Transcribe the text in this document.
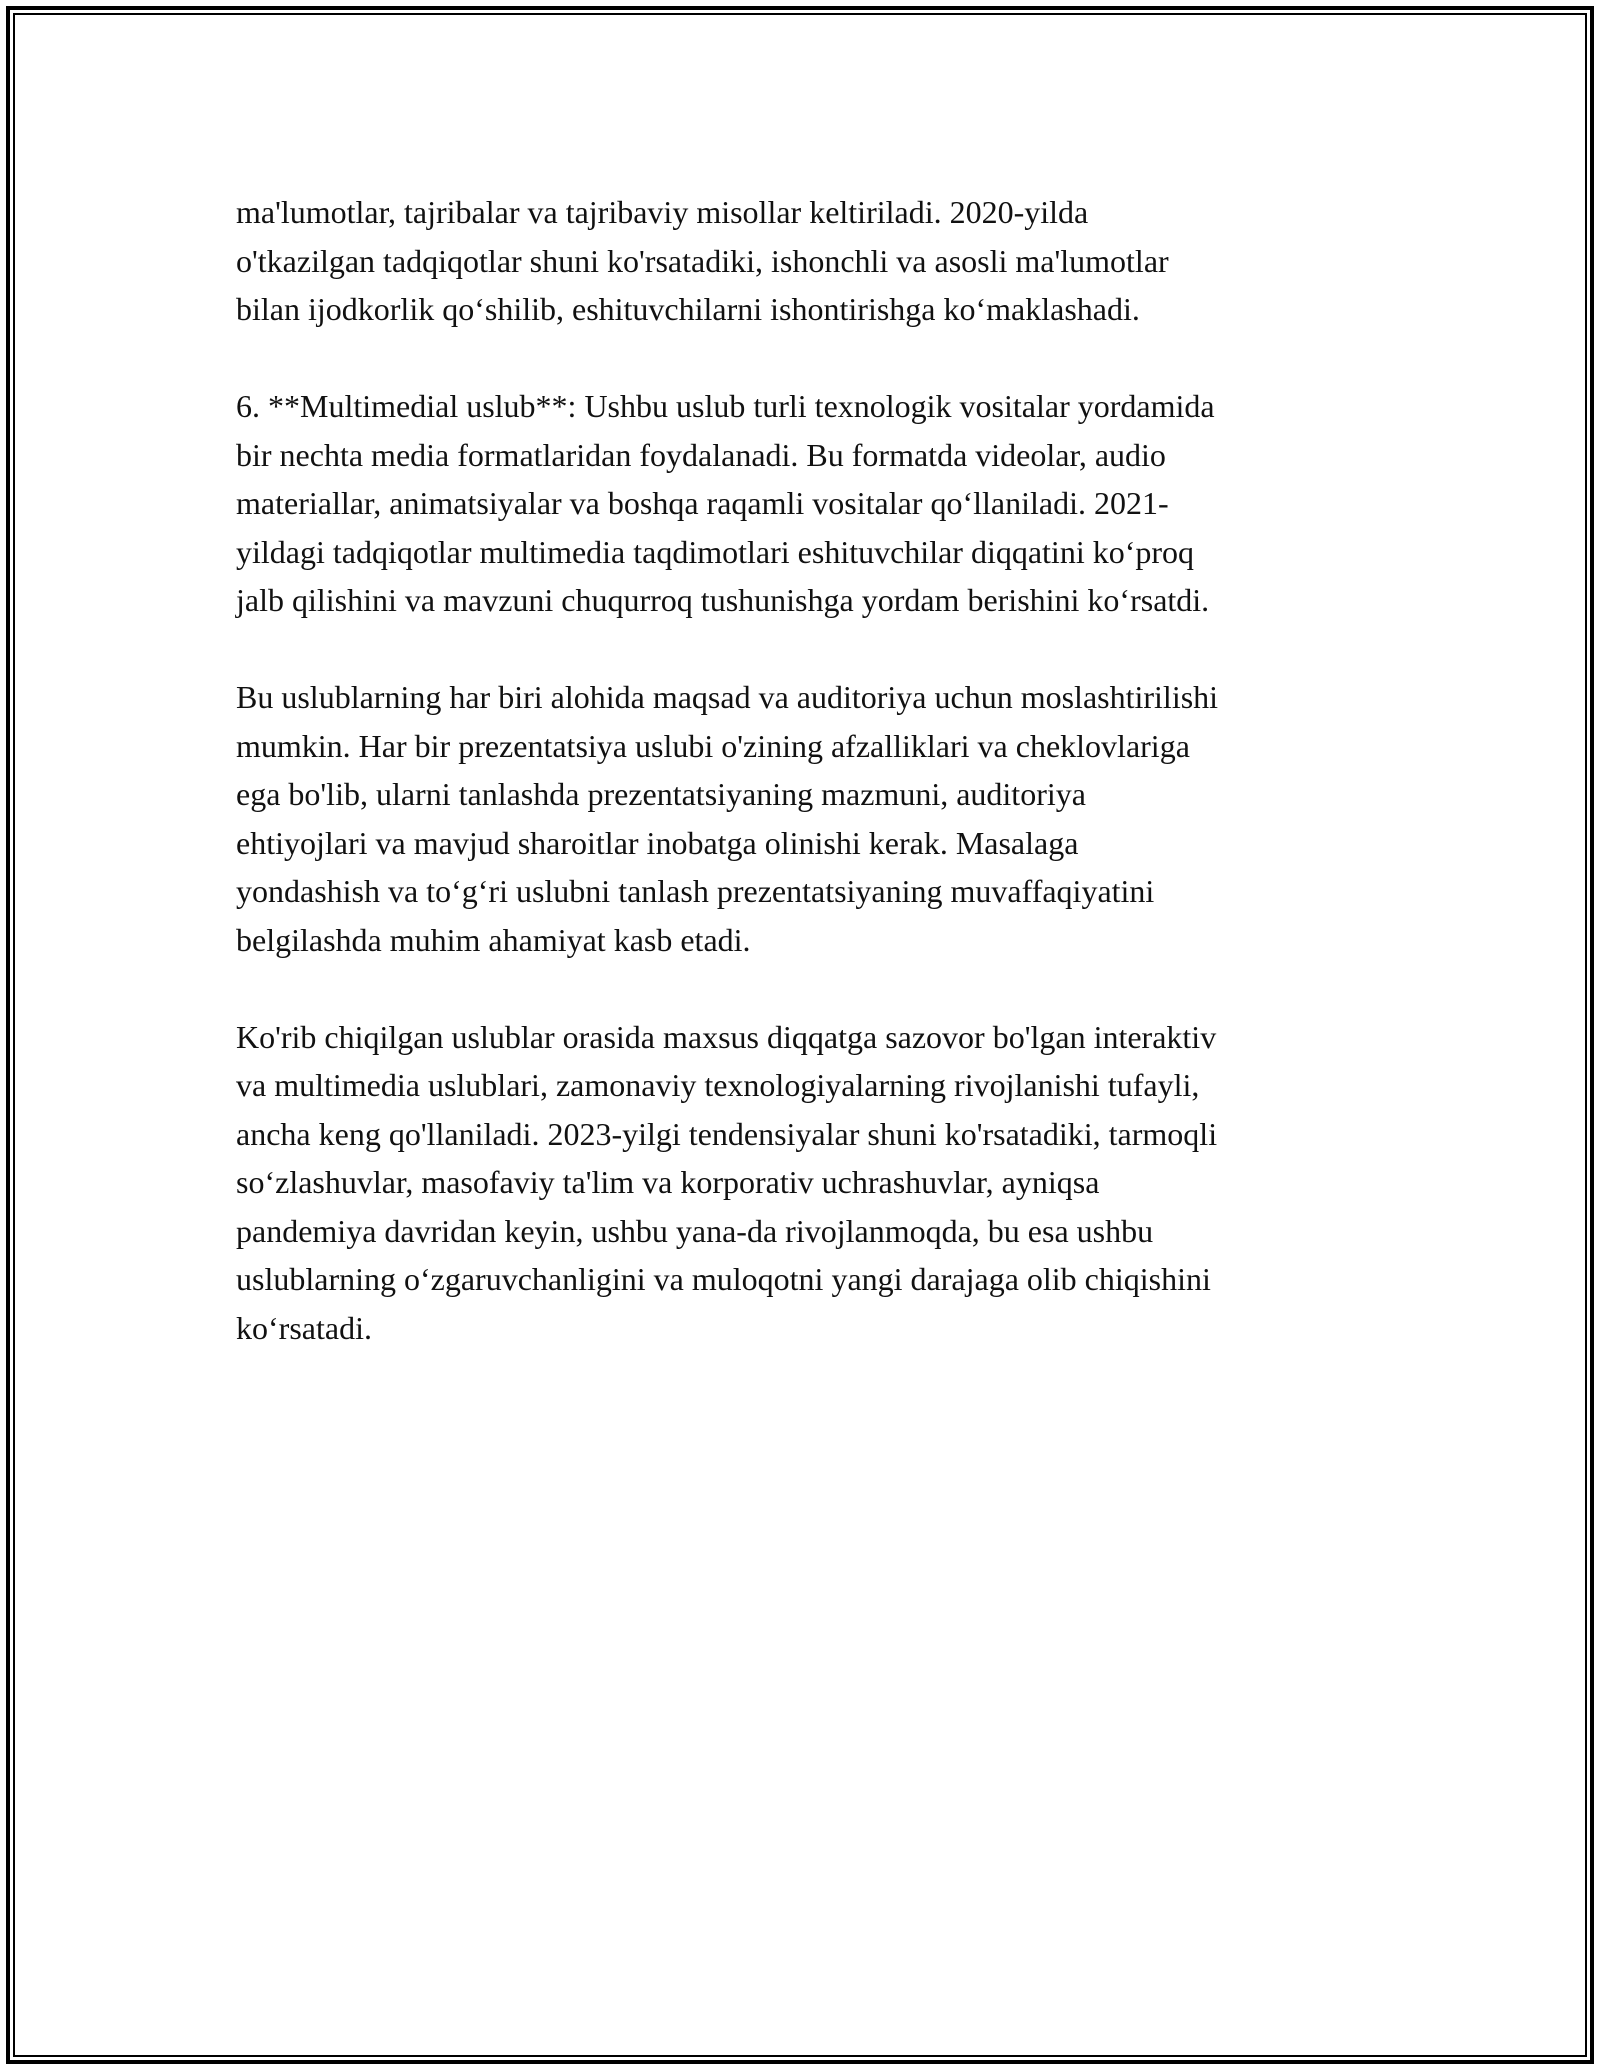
ma'lumotlar, tajribalar va tajribaviy misollar keltiriladi. 2020-yilda
o'tkazilgan tadqiqotlar shuni ko'rsatadiki, ishonchli va asosli ma'lumotlar
bilan ijodkorlik qo‘shilib, eshituvchilarni ishontirishga ko‘maklashadi.

6. **Multimedial uslub**: Ushbu uslub turli texnologik vositalar yordamida
bir nechta media formatlaridan foydalanadi. Bu formatda videolar, audio
materiallar, animatsiyalar va boshqa raqamli vositalar qo‘llaniladi. 2021-
yildagi tadqiqotlar multimedia taqdimotlari eshituvchilar diqqatini ko‘proq
jalb qilishini va mavzuni chuqurroq tushunishga yordam berishini ko‘rsatdi.

Bu uslublarning har biri alohida maqsad va auditoriya uchun moslashtirilishi
mumkin. Har bir prezentatsiya uslubi o'zining afzalliklari va cheklovlariga
ega bo'lib, ularni tanlashda prezentatsiyaning mazmuni, auditoriya
ehtiyojlari va mavjud sharoitlar inobatga olinishi kerak. Masalaga
yondashish va to‘g‘ri uslubni tanlash prezentatsiyaning muvaffaqiyatini
belgilashda muhim ahamiyat kasb etadi.

Ko'rib chiqilgan uslublar orasida maxsus diqqatga sazovor bo'lgan interaktiv
va multimedia uslublari, zamonaviy texnologiyalarning rivojlanishi tufayli,
ancha keng qo'llaniladi. 2023-yilgi tendensiyalar shuni ko'rsatadiki, tarmoqli
so‘zlashuvlar, masofaviy ta'lim va korporativ uchrashuvlar, ayniqsa
pandemiya davridan keyin, ushbu yana-da rivojlanmoqda, bu esa ushbu
uslublarning o‘zgaruvchanligini va muloqotni yangi darajaga olib chiqishini
ko‘rsatadi.
